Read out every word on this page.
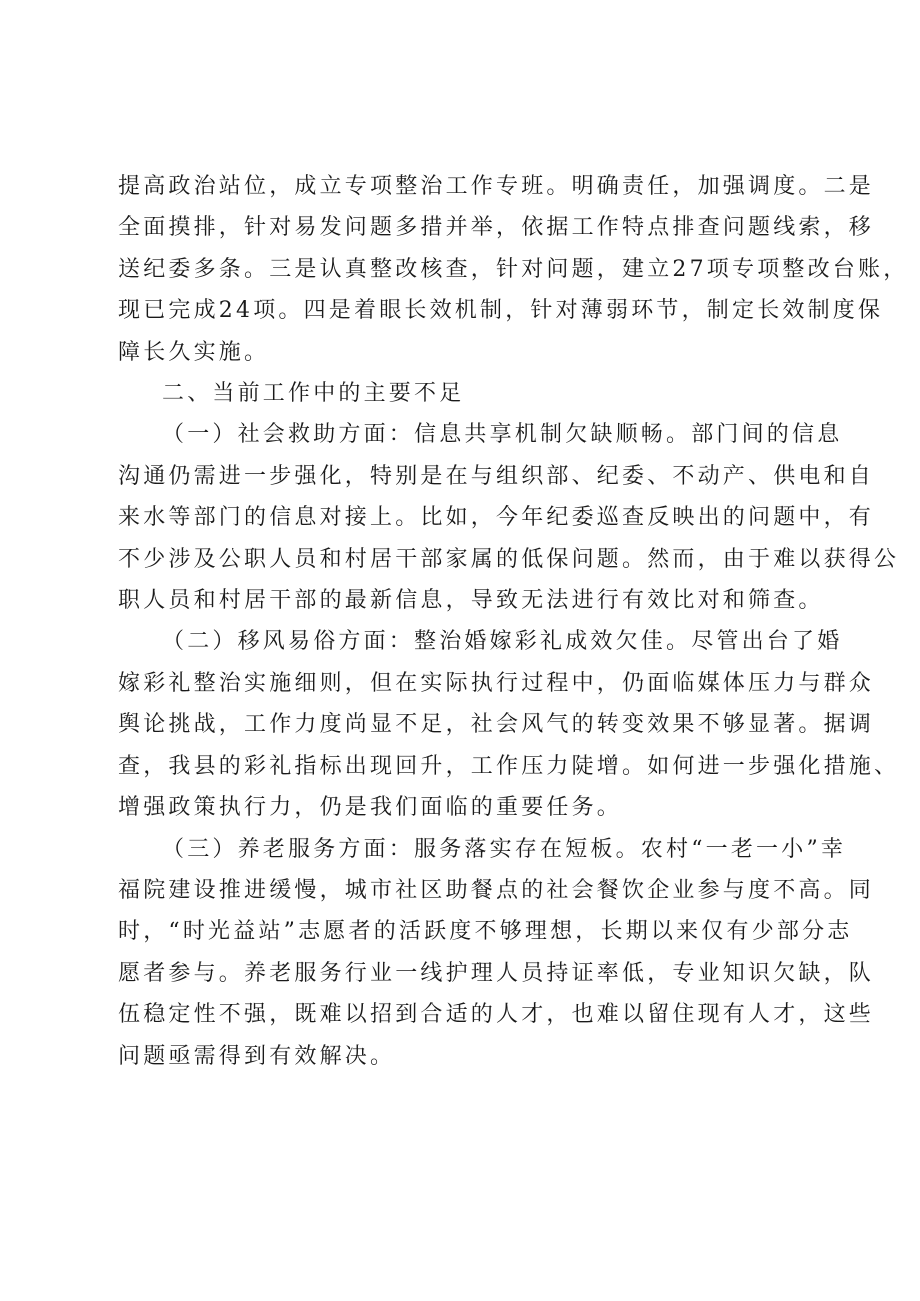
提高政治站位，成立专项整治工作专班。明确责任，加强调度。二是
全面摸排，针对易发问题多措并举，依据工作特点排查问题线索，移
送纪委多条。三是认真整改核查，针对问题，建立27项专项整改台账，
现已完成24项。四是着眼长效机制，针对薄弱环节，制定长效制度保
障长久实施。

二、当前工作中的主要不足

（一）社会救助方面：信息共享机制欠缺顺畅。部门间的信息
沟通仍需进一步强化，特别是在与组织部、纪委、不动产、供电和自
来水等部门的信息对接上。比如，今年纪委巡查反映出的问题中，有
不少涉及公职人员和村居干部家属的低保问题。然而，由于难以获得公
职人员和村居干部的最新信息，导致无法进行有效比对和筛查。

（二）移风易俗方面：整治婚嫁彩礼成效欠佳。尽管出台了婚
嫁彩礼整治实施细则，但在实际执行过程中，仍面临媒体压力与群众
舆论挑战，工作力度尚显不足，社会风气的转变效果不够显著。据调
查，我县的彩礼指标出现回升，工作压力陡增。如何进一步强化措施、
增强政策执行力，仍是我们面临的重要任务。

（三）养老服务方面：服务落实存在短板。农村“一老一小”幸
福院建设推进缓慢，城市社区助餐点的社会餐饮企业参与度不高。同
时，“时光益站”志愿者的活跃度不够理想，长期以来仅有少部分志
愿者参与。养老服务行业一线护理人员持证率低，专业知识欠缺，队
伍稳定性不强，既难以招到合适的人才，也难以留住现有人才，这些
问题亟需得到有效解决。
